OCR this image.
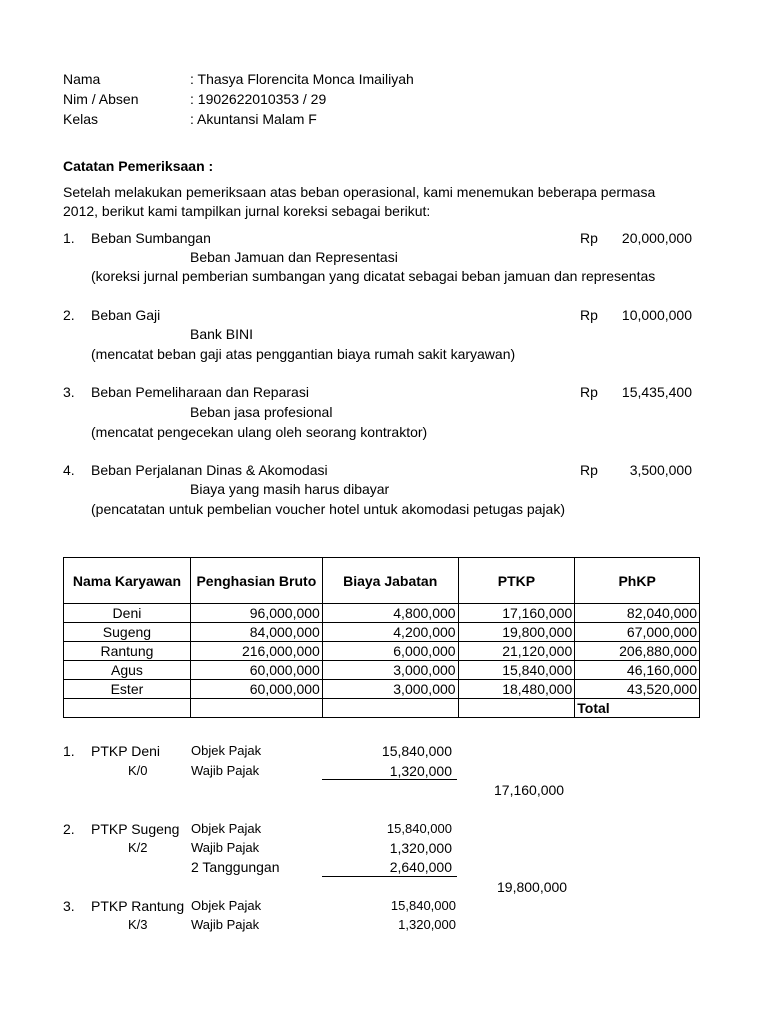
Nama	: Thasya Florencita Monca Imailiyah
Nim / Absen	: 1902622010353 / 29
Kelas	: Akuntansi Malam F
Catatan Pemeriksaan :
Setelah melakukan pemeriksaan atas beban operasional, kami menemukan beberapa permasa
2012, berikut kami tampilkan jurnal koreksi sebagai berikut:
1. Beban Sumbangan	Rp	20,000,000
Beban Jamuan dan Representasi
(koreksi jurnal pemberian sumbangan yang dicatat sebagai beban jamuan dan representas
2. Beban Gaji	Rp	10,000,000
Bank BINI
(mencatat beban gaji atas penggantian biaya rumah sakit karyawan)
3. Beban Pemeliharaan dan Reparasi	Rp	15,435,400
Beban jasa profesional
(mencatat pengecekan ulang oleh seorang kontraktor)
4. Beban Perjalanan Dinas & Akomodasi	Rp	3,500,000
Biaya yang masih harus dibayar
(pencatatan untuk pembelian voucher hotel untuk akomodasi petugas pajak)
Nama Karyawan	Penghasian Bruto	Biaya Jabatan	PTKP	PhKP
Deni	96,000,000	4,800,000	17,160,000	82,040,000
Sugeng	84,000,000	4,200,000	19,800,000	67,000,000
Rantung	216,000,000	6,000,000	21,120,000	206,880,000
Agus	60,000,000	3,000,000	15,840,000	46,160,000
Ester	60,000,000	3,000,000	18,480,000	43,520,000
				Total
1. PTKP Deni Objek Pajak	15,840,000
K/0	Wajib Pajak	1,320,000
17,160,000
2. PTKP Sugeng Objek Pajak	15,840,000
K/2	Wajib Pajak	1,320,000
2 Tanggungan	2,640,000
19,800,000
3. PTKP Rantung Objek Pajak	15,840,000
K/3	Wajib Pajak	1,320,000
